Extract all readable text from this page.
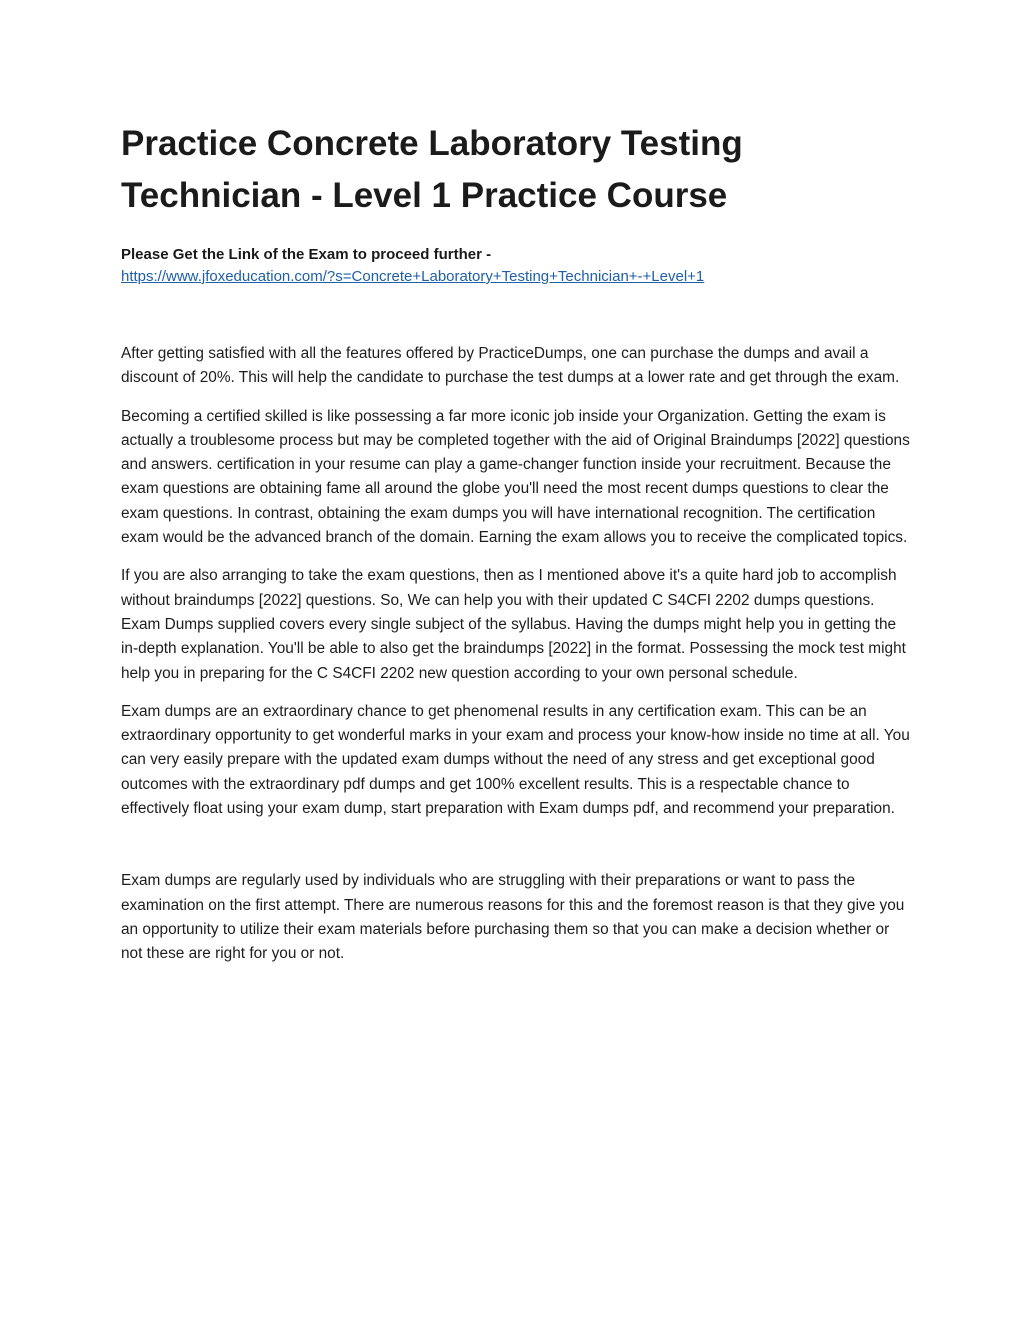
Practice Concrete Laboratory Testing Technician - Level 1 Practice Course
Please Get the Link of the Exam to proceed further -
https://www.jfoxeducation.com/?s=Concrete+Laboratory+Testing+Technician+-+Level+1

After getting satisfied with all the features offered by PracticeDumps, one can purchase the dumps and avail a discount of 20%. This will help the candidate to purchase the test dumps at a lower rate and get through the exam.

Becoming a certified skilled is like possessing a far more iconic job inside your Organization. Getting the exam is actually a troublesome process but may be completed together with the aid of Original Braindumps [2022] questions and answers. certification in your resume can play a game-changer function inside your recruitment. Because the exam questions are obtaining fame all around the globe you'll need the most recent dumps questions to clear the exam questions. In contrast, obtaining the exam dumps you will have international recognition. The certification exam would be the advanced branch of the domain. Earning the exam allows you to receive the complicated topics.

If you are also arranging to take the exam questions, then as I mentioned above it's a quite hard job to accomplish without braindumps [2022] questions. So, We can help you with their updated C S4CFI 2202 dumps questions. Exam Dumps supplied covers every single subject of the syllabus. Having the dumps might help you in getting the in-depth explanation. You'll be able to also get the braindumps [2022] in the format. Possessing the mock test might help you in preparing for the C S4CFI 2202 new question according to your own personal schedule.

Exam dumps are an extraordinary chance to get phenomenal results in any certification exam. This can be an extraordinary opportunity to get wonderful marks in your exam and process your know-how inside no time at all. You can very easily prepare with the updated exam dumps without the need of any stress and get exceptional good outcomes with the extraordinary pdf dumps and get 100% excellent results. This is a respectable chance to effectively float using your exam dump, start preparation with Exam dumps pdf, and recommend your preparation.

Exam dumps are regularly used by individuals who are struggling with their preparations or want to pass the examination on the first attempt. There are numerous reasons for this and the foremost reason is that they give you an opportunity to utilize their exam materials before purchasing them so that you can make a decision whether or not these are right for you or not.
